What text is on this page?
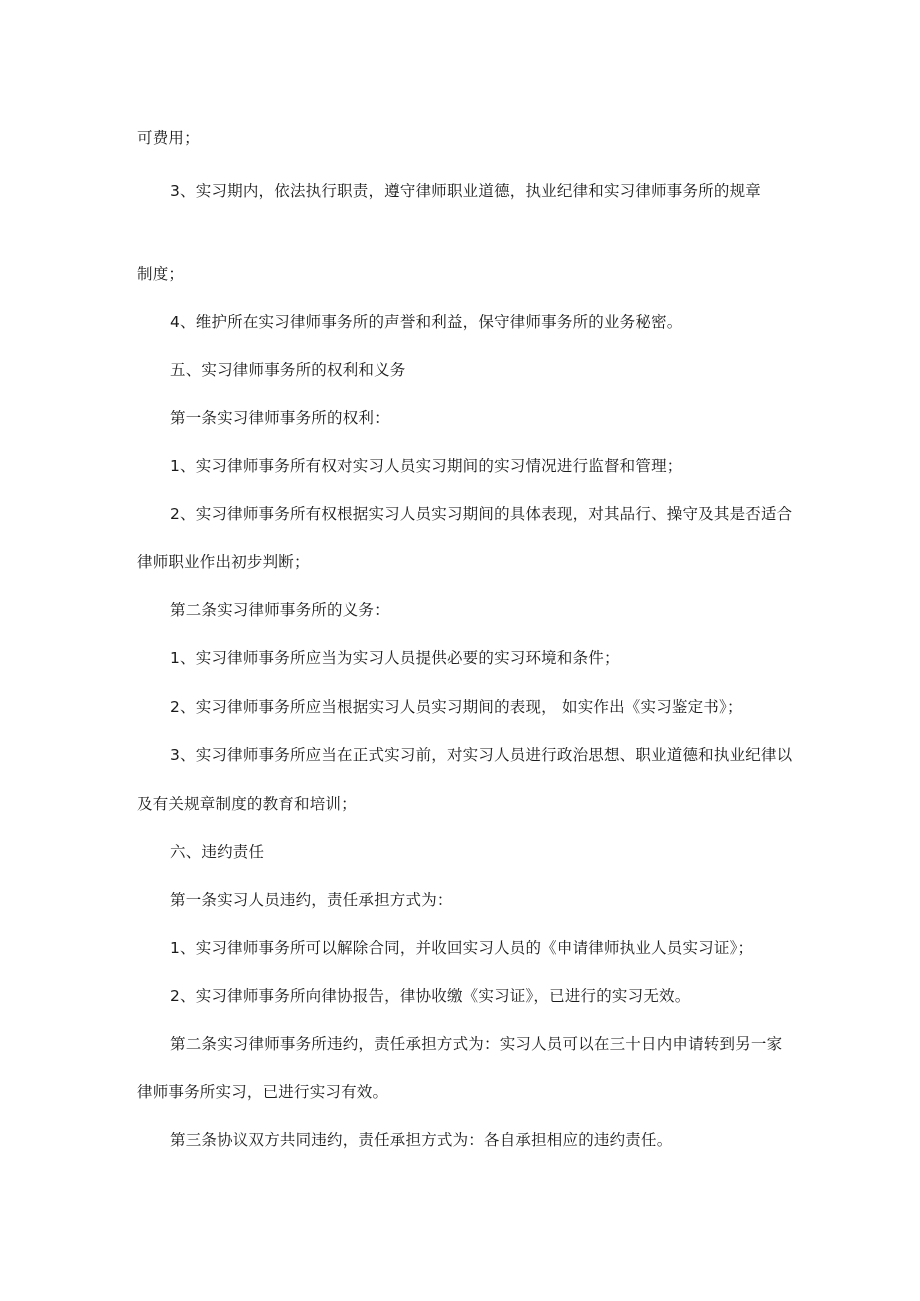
可费用；
3、实习期内，依法执行职责，遵守律师职业道德，执业纪律和实习律师事务所的规章
制度；
4、维护所在实习律师事务所的声誉和利益，保守律师事务所的业务秘密。
五、实习律师事务所的权利和义务
第一条实习律师事务所的权利：
1、实习律师事务所有权对实习人员实习期间的实习情况进行监督和管理；
2、实习律师事务所有权根据实习人员实习期间的具体表现，对其品行、操守及其是否适合
律师职业作出初步判断；
第二条实习律师事务所的义务：
1、实习律师事务所应当为实习人员提供必要的实习环境和条件；
2、实习律师事务所应当根据实习人员实习期间的表现， 如实作出《实习鉴定书》；
3、实习律师事务所应当在正式实习前，对实习人员进行政治思想、职业道德和执业纪律以
及有关规章制度的教育和培训；
六、违约责任
第一条实习人员违约，责任承担方式为：
1、实习律师事务所可以解除合同，并收回实习人员的《申请律师执业人员实习证》；
2、实习律师事务所向律协报告，律协收缴《实习证》，已进行的实习无效。
第二条实习律师事务所违约，责任承担方式为：实习人员可以在三十日内申请转到另一家
律师事务所实习，已进行实习有效。
第三条协议双方共同违约，责任承担方式为：各自承担相应的违约责任。
